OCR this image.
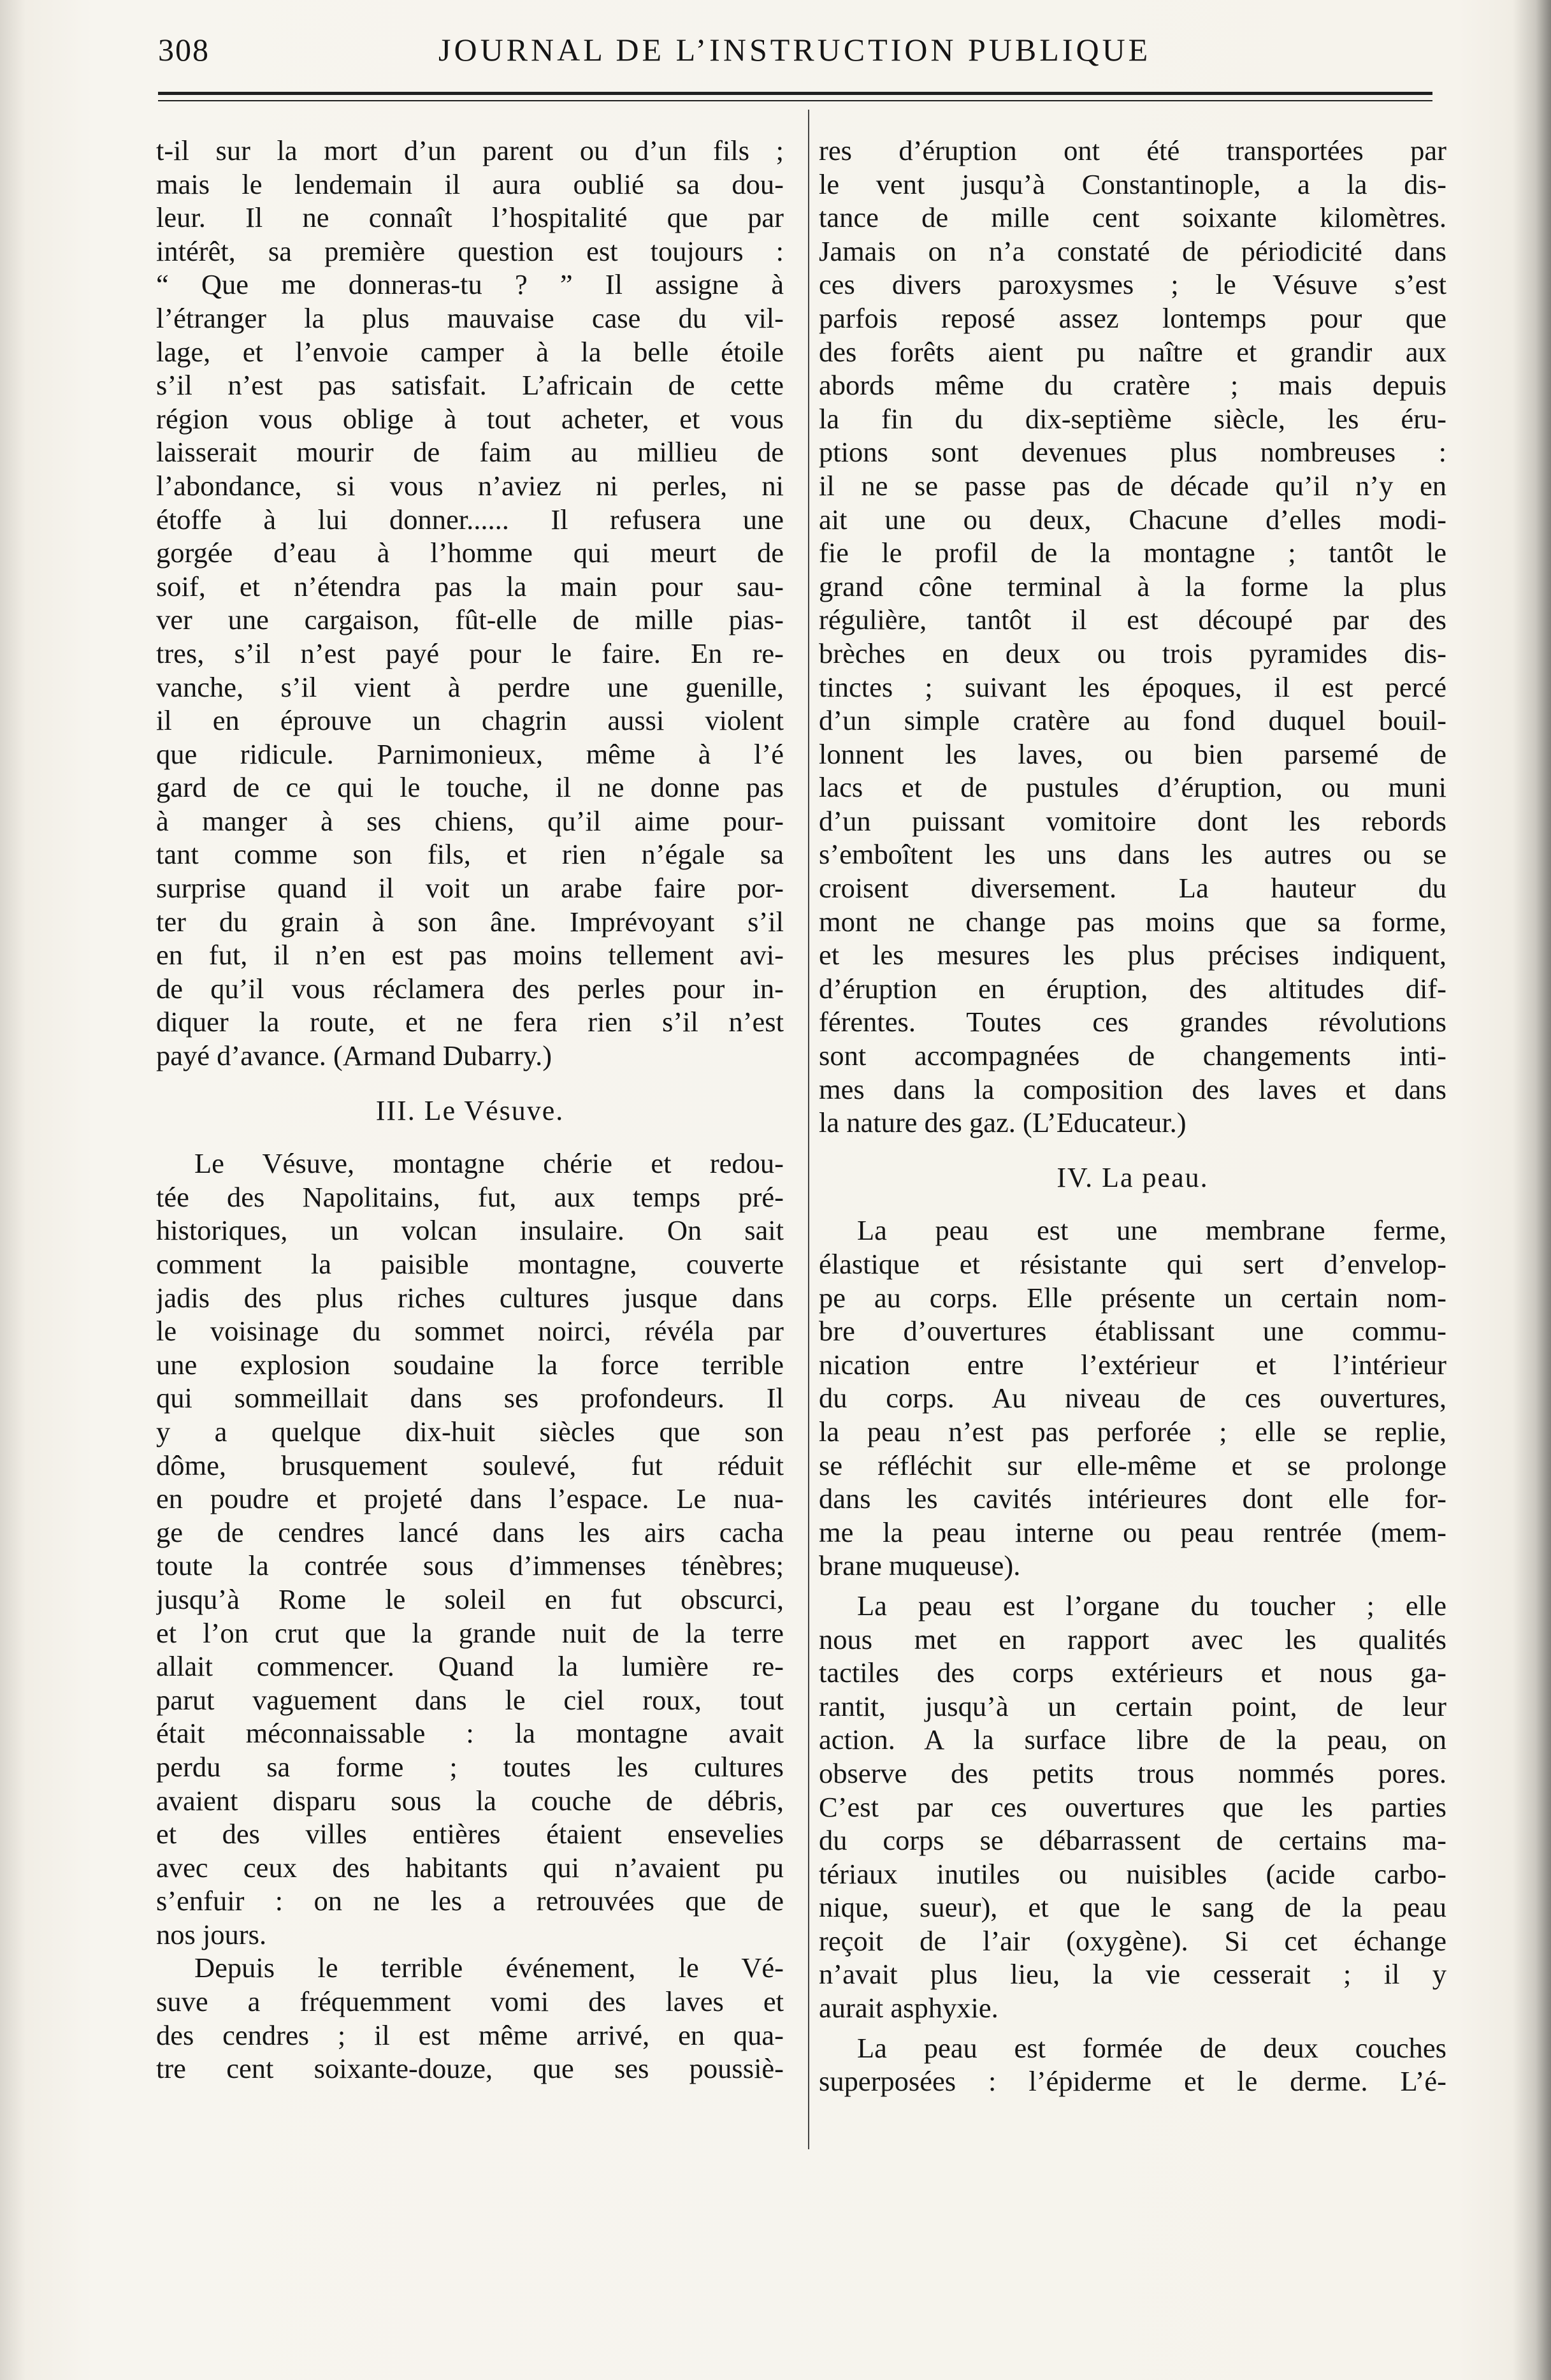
308	JOURNAL DE L’INSTRUCTION PUBLIQUE
t-il sur la mort d’un parent ou d’un fils ;
mais le lendemain il aura oublié sa dou-
leur. Il ne connaît l’hospitalité que par
intérêt, sa première question est toujours :
“ Que me donneras-tu ? ” Il assigne à
l’étranger la plus mauvaise case du vil-
lage, et l’envoie camper à la belle étoile
s’il n’est pas satisfait. L’africain de cette
région vous oblige à tout acheter, et vous
laisserait mourir de faim au millieu de
l’abondance, si vous n’aviez ni perles, ni
étoffe à lui donner...... Il refusera une
gorgée d’eau à l’homme qui meurt de
soif, et n’étendra pas la main pour sau-
ver une cargaison, fût-elle de mille pias-
tres, s’il n’est payé pour le faire. En re-
vanche, s’il vient à perdre une guenille,
il en éprouve un chagrin aussi violent
que ridicule. Parnimonieux, même à l’é
gard de ce qui le touche, il ne donne pas
à manger à ses chiens, qu’il aime pour-
tant comme son fils, et rien n’égale sa
surprise quand il voit un arabe faire por-
ter du grain à son âne. Imprévoyant s’il
en fut, il n’en est pas moins tellement avi-
de qu’il vous réclamera des perles pour in-
diquer la route, et ne fera rien s’il n’est
payé d’avance. (Armand Dubarry.)
III. Le Vésuve.
Le Vésuve, montagne chérie et redou-
tée des Napolitains, fut, aux temps pré-
historiques, un volcan insulaire. On sait
comment la paisible montagne, couverte
jadis des plus riches cultures jusque dans
le voisinage du sommet noirci, révéla par
une explosion soudaine la force terrible
qui sommeillait dans ses profondeurs. Il
y a quelque dix-huit siècles que son
dôme, brusquement soulevé, fut réduit
en poudre et projeté dans l’espace. Le nua-
ge de cendres lancé dans les airs cacha
toute la contrée sous d’immenses ténèbres;
jusqu’à Rome le soleil en fut obscurci,
et l’on crut que la grande nuit de la terre
allait commencer. Quand la lumière re-
parut vaguement dans le ciel roux, tout
était méconnaissable : la montagne avait
perdu sa forme ; toutes les cultures
avaient disparu sous la couche de débris,
et des villes entières étaient ensevelies
avec ceux des habitants qui n’avaient pu
s’enfuir : on ne les a retrouvées que de
nos jours.
Depuis le terrible événement, le Vé-
suve a fréquemment vomi des laves et
des cendres ; il est même arrivé, en qua-
tre cent soixante-douze, que ses poussiè-
res d’éruption ont été transportées par
le vent jusqu’à Constantinople, a la dis-
tance de mille cent soixante kilomètres.
Jamais on n’a constaté de périodicité dans
ces divers paroxysmes ; le Vésuve s’est
parfois reposé assez lontemps pour que
des forêts aient pu naître et grandir aux
abords même du cratère ; mais depuis
la fin du dix-septième siècle, les éru-
ptions sont devenues plus nombreuses :
il ne se passe pas de décade qu’il n’y en
ait une ou deux, Chacune d’elles modi-
fie le profil de la montagne ; tantôt le
grand cône terminal à la forme la plus
régulière, tantôt il est découpé par des
brèches en deux ou trois pyramides dis-
tinctes ; suivant les époques, il est percé
d’un simple cratère au fond duquel bouil-
lonnent les laves, ou bien parsemé de
lacs et de pustules d’éruption, ou muni
d’un puissant vomitoire dont les rebords
s’emboîtent les uns dans les autres ou se
croisent diversement. La hauteur du
mont ne change pas moins que sa forme,
et les mesures les plus précises indiquent,
d’éruption en éruption, des altitudes dif-
férentes. Toutes ces grandes révolutions
sont accompagnées de changements inti-
mes dans la composition des laves et dans
la nature des gaz. (L’Educateur.)
IV. La peau.
La peau est une membrane ferme,
élastique et résistante qui sert d’envelop-
pe au corps. Elle présente un certain nom-
bre d’ouvertures établissant une commu-
nication entre l’extérieur et l’intérieur
du corps. Au niveau de ces ouvertures,
la peau n’est pas perforée ; elle se replie,
se réfléchit sur elle-même et se prolonge
dans les cavités intérieures dont elle for-
me la peau interne ou peau rentrée (mem-
brane muqueuse).
La peau est l’organe du toucher ; elle
nous met en rapport avec les qualités
tactiles des corps extérieurs et nous ga-
rantit, jusqu’à un certain point, de leur
action. A la surface libre de la peau, on
observe des petits trous nommés pores.
C’est par ces ouvertures que les parties
du corps se débarrassent de certains ma-
tériaux inutiles ou nuisibles (acide carbo-
nique, sueur), et que le sang de la peau
reçoit de l’air (oxygène). Si cet échange
n’avait plus lieu, la vie cesserait ; il y
aurait asphyxie.
La peau est formée de deux couches
superposées : l’épiderme et le derme. L’é-
